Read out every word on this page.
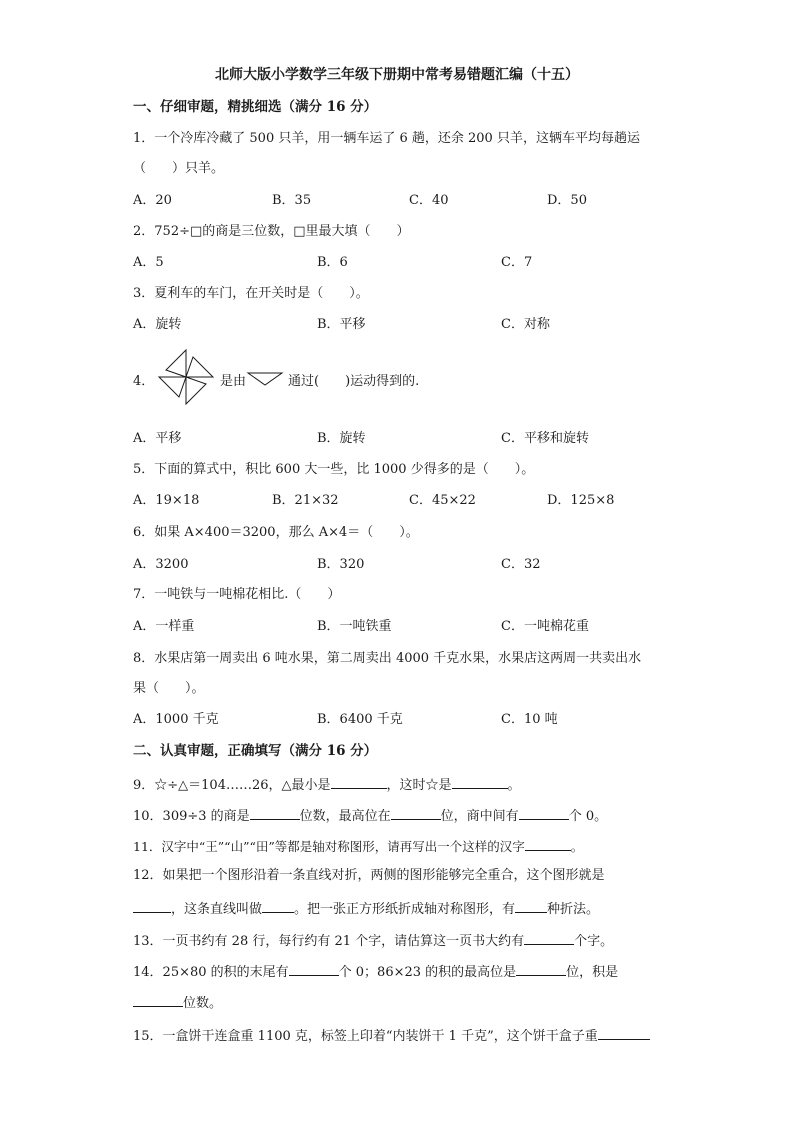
北师大版小学数学三年级下册期中常考易错题汇编（十五）
一、仔细审题，精挑细选（满分 16 分）
1．一个冷库冷藏了 500 只羊，用一辆车运了 6 趟，还余 200 只羊，这辆车平均每趟运
（　　）只羊。
A．20	B．35	C．40	D．50
2．752÷□的商是三位数，□里最大填（　　）
A．5	B．6	C．7
3．夏利车的车门，在开关时是（　　）。
A．旋转	B．平移	C．对称
4．	是由	通过(　　)运动得到的.
A．平移	B．旋转	C．平移和旋转
5．下面的算式中，积比 600 大一些，比 1000 少得多的是（　　）。
A．19×18	B．21×32	C．45×22	D．125×8
6．如果 A×400＝3200，那么 A×4＝（　　）。
A．3200	B．320	C．32
7．一吨铁与一吨棉花相比.（　　）
A．一样重	B．一吨铁重	C．一吨棉花重
8．水果店第一周卖出 6 吨水果，第二周卖出 4000 千克水果，水果店这两周一共卖出水
果（　　）。
A．1000 千克	B．6400 千克	C．10 吨
二、认真审题，正确填写（满分 16 分）
9．☆÷△＝104……26，△最小是	，这时☆是	。
10．309÷3 的商是	位数，最高位在	位，商中间有	个 0。
11．汉字中“王”“山”“田”等都是轴对称图形，请再写出一个这样的汉字	。
12．如果把一个图形沿着一条直线对折，两侧的图形能够完全重合，这个图形就是
，这条直线叫做 。把一张正方形纸折成轴对称图形，有 种折法。
13．一页书约有 28 行，每行约有 21 个字，请估算这一页书大约有	个字。
14．25×80 的积的末尾有	个 0；86×23 的积的最高位是	位，积是
位数。
15．一盒饼干连盒重 1100 克，标签上印着“内装饼干 1 千克”，这个饼干盒子重
